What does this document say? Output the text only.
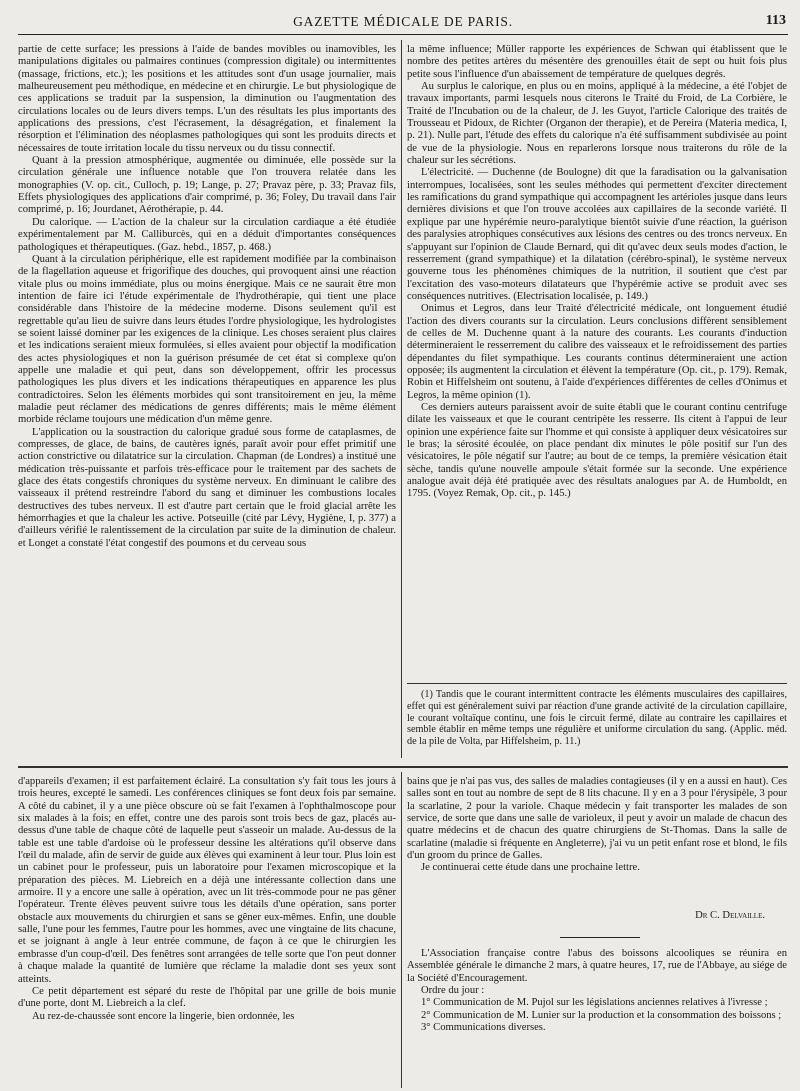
GAZETTE MÉDICALE DE PARIS.	113

partie de cette surface; les pressions à l'aide de bandes movibles ou inamovibles, les manipulations digitales ou palmaires continues (compression digitale) ou intermittentes (massage, frictions, etc.); les positions et les attitudes sont d'un usage journalier, mais malheureusement peu méthodique, en médecine et en chirurgie. Le but physiologique de ces applications se traduit par la suspension, la diminution ou l'augmentation des circulations locales ou de leurs divers temps. L'un des résultats les plus importants des applications des pressions, c'est l'écrasement, la désagrégation, et finalement la résorption et l'élimination des néoplasmes pathologiques qui sont les produits directs et nécessaires de toute irritation locale du tissu nerveux ou du tissu connectif.

Quant à la pression atmosphérique, augmentée ou diminuée, elle possède sur la circulation générale une influence notable que l'on trouvera relatée dans les monographies (V. op. cit., Culloch, p. 19; Lange, p. 27; Pravaz père, p. 33; Pravaz fils, Effets physiologiques des applications d'air comprimé, p. 36; Foley, Du travail dans l'air comprimé, p. 16; Jourdanet, Aérothérapie, p. 44.

Du calorique. — L'action de la chaleur sur la circulation cardiaque a été étudiée expérimentalement par M. Calliburcès, qui en a déduit d'importantes conséquences pathologiques et thérapeutiques. (Gaz. hebd., 1857, p. 468.)

Quant à la circulation périphérique, elle est rapidement modifiée par la combinaison de la flagellation aqueuse et frigorifique des douches, qui provoquent ainsi une réaction vitale plus ou moins immédiate, plus ou moins énergique. Mais ce ne saurait être mon intention de faire ici l'étude expérimentale de l'hydrothérapie, qui tient une place considérable dans l'histoire de la médecine moderne. Disons seulement qu'il est regrettable qu'au lieu de suivre dans leurs études l'ordre physiologique, les hydrologistes se soient laissé dominer par les exigences de la clinique. Les choses seraient plus claires et les indications seraient mieux formulées, si elles avaient pour objectif la modification des actes physiologiques et non la guérison présumée de cet état si complexe qu'on appelle une maladie et qui peut, dans son développement, offrir les processus pathologiques les plus divers et les indications thérapeutiques en apparence les plus contradictoires. Selon les éléments morbides qui sont transitoirement en jeu, la même maladie peut réclamer des médications de genres différents; mais le même élément morbide réclame toujours une médication d'un même genre.

L'application ou la soustraction du calorique gradué sous forme de cataplasmes, de compresses, de glace, de bains, de cautères ignés, paraît avoir pour effet primitif une action constrictive ou dilatatrice sur la circulation. Chapman (de Londres) a institué une médication très-puissante et parfois très-efficace pour le traitement par des sachets de glace des états congestifs chroniques du système nerveux. En diminuant le calibre des vaisseaux il prétend restreindre l'abord du sang et diminuer les combustions locales destructives des tubes nerveux. Il est d'autre part certain que le froid glacial arrête les hémorrhagies et que la chaleur les active. Potseuille (cité par Lévy, Hygiène, I, p. 377) a d'ailleurs vérifié le ralentissement de la circulation par suite de la diminution de chaleur. et Longet a constaté l'état congestif des poumons et du cerveau sous

la même influence; Müller rapporte les expériences de Schwan qui établissent que le nombre des petites artères du mésentère des grenouilles était de sept ou huit fois plus petite sous l'influence d'un abaissement de température de quelques degrés.

Au surplus le calorique, en plus ou en moins, appliqué à la médecine, a été l'objet de travaux importants, parmi lesquels nous citerons le Traité du Froid, de La Corbière, le Traité de l'Incubation ou de la chaleur, de J. les Guyot, l'article Calorique des traités de Trousseau et Pidoux, de Richter (Organon der therapie), et de Pereira (Materia medica, I, p. 21). Nulle part, l'étude des effets du calorique n'a été suffisamment subdivisée au point de vue de la physiologie. Nous en reparlerons lorsque nous traiterons du rôle de la chaleur sur les sécrétions.

L'électricité. — Duchenne (de Boulogne) dit que la faradisation ou la galvanisation interrompues, localisées, sont les seules méthodes qui permettent d'exciter directement les ramifications du grand sympathique qui accompagnent les artérioles jusque dans leurs dernières divisions et que l'on trouve accolées aux capillaires de la seconde variété. Il explique par une hypérémie neuro-paralytique bientôt suivie d'une réaction, la guérison des paralysies atrophiques consécutives aux lésions des centres ou des troncs nerveux. En s'appuyant sur l'opinion de Claude Bernard, qui dit qu'avec deux seuls modes d'action, le resserrement (grand sympathique) et la dilatation (cérébro-spinal), le système nerveux gouverne tous les phénomènes chimiques de la nutrition, il soutient que c'est par l'excitation des vaso-moteurs dilatateurs que l'hypérémie active se produit avec ses conséquences nutritives. (Electrisation localisée, p. 149.)

Onimus et Legros, dans leur Traité d'électricité médicale, ont longuement étudié l'action des divers courants sur la circulation. Leurs conclusions diffèrent sensiblement de celles de M. Duchenne quant à la nature des courants. Les courants d'induction détermineraient le resserrement du calibre des vaisseaux et le refroidissement des parties dépendantes du filet sympathique. Les courants continus détermineraient une action opposée; ils augmentent la circulation et élèvent la température (Op. cit., p. 179). Remak, Robin et Hiffelsheim ont soutenu, à l'aide d'expériences différentes de celles d'Onimus et Legros, la même opinion (1).

Ces derniers auteurs paraissent avoir de suite établi que le courant continu centrifuge dilate les vaisseaux et que le courant centripète les resserre. Ils citent à l'appui de leur opinion une expérience faite sur l'homme et qui consiste à appliquer deux vésicatoires sur le bras; la sérosité écoulée, on place pendant dix minutes le pôle positif sur l'un des vésicatoires, le pôle négatif sur l'autre; au bout de ce temps, la première vésication était sèche, tandis qu'une nouvelle ampoule s'était formée sur la seconde. Une expérience analogue avait déjà été pratiquée avec des résultats analogues par A. de Humboldt, en 1795. (Voyez Remak, Op. cit., p. 145.)

(1) Tandis que le courant intermittent contracte les éléments musculaires des capillaires, effet qui est généralement suivi par réaction d'une grande activité de la circulation capillaire, le courant voltaïque continu, une fois le circuit fermé, dilate au contraire les capillaires et semble établir en même temps une régulière et uniforme circulation du sang. (Applic. méd. de la pile de Volta, par Hiffelsheim, p. 11.)

d'appareils d'examen; il est parfaitement éclairé. La consultation s'y fait tous les jours à trois heures, excepté le samedi. Les conférences cliniques se font deux fois par semaine. A côté du cabinet, il y a une pièce obscure où se fait l'examen à l'ophthalmoscope pour six malades à la fois; en effet, contre une des parois sont trois becs de gaz, placés au-dessus d'une table de chaque côté de laquelle peut s'asseoir un malade. Au-dessus de la table est une table d'ardoise où le professeur dessine les altérations qu'il observe dans l'œil du malade, afin de servir de guide aux élèves qui examinent à leur tour. Plus loin est un cabinet pour le professeur, puis un laboratoire pour l'examen microscopique et la préparation des pièces. M. Liebreich en a déjà une intéressante collection dans une armoire. Il y a encore une salle à opération, avec un lit très-commode pour ne pas gêner l'opérateur. Trente élèves peuvent suivre tous les détails d'une opération, sans porter obstacle aux mouvements du chirurgien et sans se gêner eux-mêmes. Enfin, une double salle, l'une pour les femmes, l'autre pour les hommes, avec une vingtaine de lits chacune, et se joignant à angle à leur entrée commune, de façon à ce que le chirurgien les embrasse d'un coup-d'œil. Des fenêtres sont arrangées de telle sorte que l'on peut donner à chaque malade la quantité de lumière que réclame la maladie dont ses yeux sont atteints.

Ce petit département est séparé du reste de l'hôpital par une grille de bois munie d'une porte, dont M. Liebreich a la clef.

Au rez-de-chaussée sont encore la lingerie, bien ordonnée, les

bains que je n'ai pas vus, des salles de maladies contagieuses (il y en a aussi en haut). Ces salles sont en tout au nombre de sept de 8 lits chacune. Il y en a 3 pour l'érysipèle, 3 pour la scarlatine, 2 pour la variole. Chaque médecin y fait transporter les malades de son service, de sorte que dans une salle de varioleux, il peut y avoir un malade de chacun des quatre médecins et de chacun des quatre chirurgiens de St-Thomas. Dans la salle de scarlatine (maladie si fréquente en Angleterre), j'ai vu un petit enfant rose et blond, le fils d'un groom du prince de Galles.

Je continuerai cette étude dans une prochaine lettre.

Dr C. Delvaille.

L'Association française contre l'abus des boissons alcooliques se réunira en Assemblée générale le dimanche 2 mars, à quatre heures, 17, rue de l'Abbaye, au siége de la Société d'Encouragement.

Ordre du jour :

1° Communication de M. Pujol sur les législations anciennes relatives à l'ivresse ;

2° Communication de M. Lunier sur la production et la consommation des boissons ;

3° Communications diverses.
